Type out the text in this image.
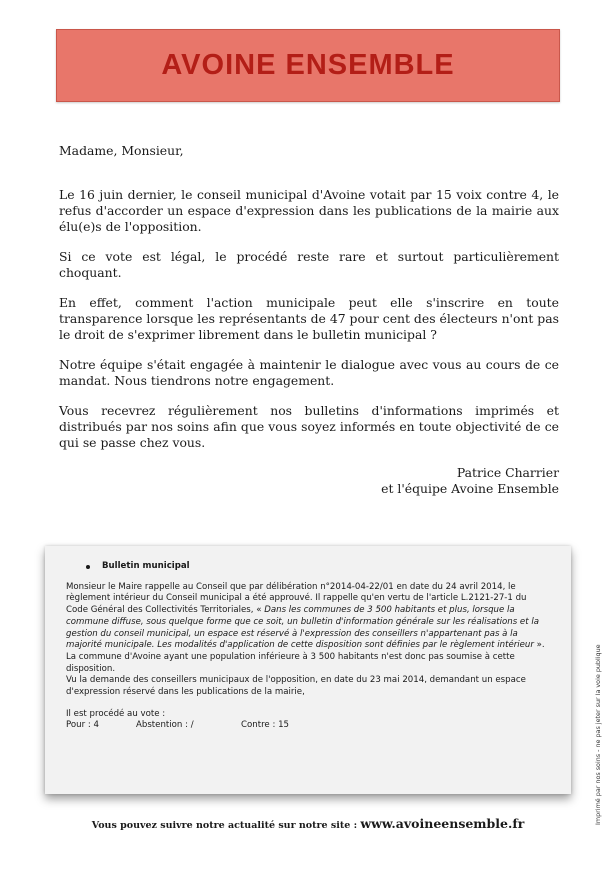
AVOINE ENSEMBLE

Madame, Monsieur,

Le 16 juin dernier, le conseil municipal d'Avoine votait par 15 voix contre 4, le refus d'accorder un espace d'expression dans les publications de la mairie aux élu(e)s de l'opposition.

Si ce vote est légal, le procédé reste rare et surtout particulièrement choquant.

En effet, comment l'action municipale peut elle s'inscrire en toute transparence lorsque les représentants de 47 pour cent des électeurs n'ont pas le droit de s'exprimer librement dans le bulletin municipal ?

Notre équipe s'était engagée à maintenir le dialogue avec vous au cours de ce mandat. Nous tiendrons notre engagement.

Vous recevrez régulièrement nos bulletins d'informations imprimés et distribués par nos soins afin que vous soyez informés en toute objectivité de ce qui se passe chez vous.

Patrice Charrier

et l'équipe Avoine Ensemble

Bulletin municipal

Monsieur le Maire rappelle au Conseil que par délibération n°2014-04-22/01 en date du 24 avril 2014, le règlement intérieur du Conseil municipal a été approuvé. Il rappelle qu'en vertu de l'article L.2121-27-1 du Code Général des Collectivités Territoriales, « Dans les communes de 3 500 habitants et plus, lorsque la commune diffuse, sous quelque forme que ce soit, un bulletin d'information générale sur les réalisations et la gestion du conseil municipal, un espace est réservé à l'expression des conseillers n'appartenant pas à la majorité municipale. Les modalités d'application de cette disposition sont définies par le règlement intérieur ».

La commune d'Avoine ayant une population inférieure à 3 500 habitants n'est donc pas soumise à cette disposition.

Vu la demande des conseillers municipaux de l'opposition, en date du 23 mai 2014, demandant un espace d'expression réservé dans les publications de la mairie,

Il est procédé au vote :

Pour : 4	Abstention : /	Contre : 15
Vous pouvez suivre notre actualité sur notre site : www.avoineensemble.fr	Imprimé par nos soins - ne pas jeter sur la voie publique
